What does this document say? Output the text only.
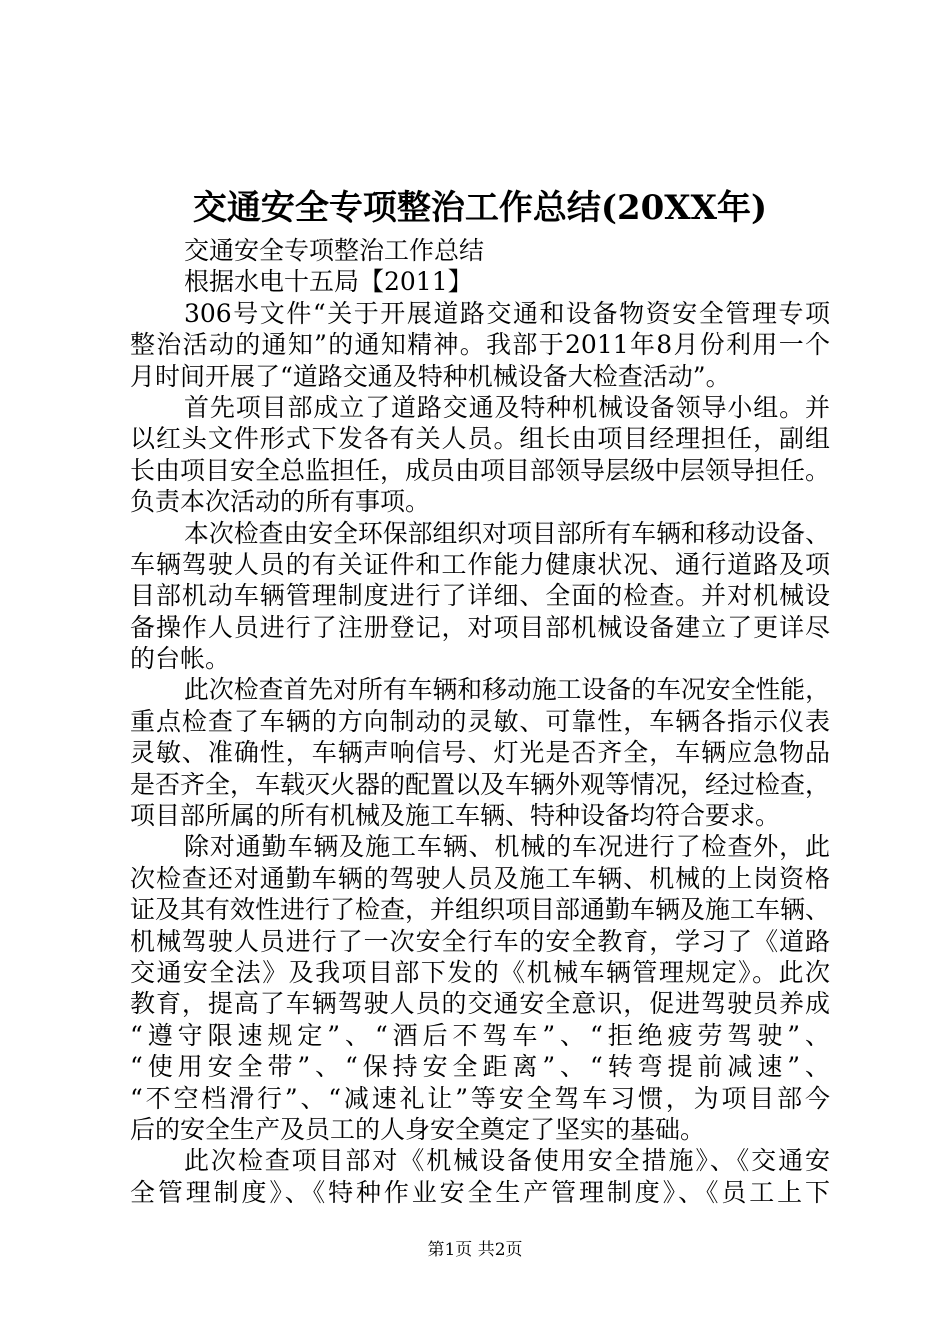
交通安全专项整治工作总结(20XX年)
交通安全专项整治工作总结
根据水电十五局【2011】
306号文件“关于开展道路交通和设备物资安全管理专项
整治活动的通知”的通知精神。我部于2011年8月份利用一个
月时间开展了“道路交通及特种机械设备大检查活动”。
首先项目部成立了道路交通及特种机械设备领导小组。并
以红头文件形式下发各有关人员。组长由项目经理担任，副组
长由项目安全总监担任，成员由项目部领导层级中层领导担任。
负责本次活动的所有事项。
本次检查由安全环保部组织对项目部所有车辆和移动设备、
车辆驾驶人员的有关证件和工作能力健康状况、通行道路及项
目部机动车辆管理制度进行了详细、全面的检查。并对机械设
备操作人员进行了注册登记，对项目部机械设备建立了更详尽
的台帐。
此次检查首先对所有车辆和移动施工设备的车况安全性能，
重点检查了车辆的方向制动的灵敏、可靠性，车辆各指示仪表
灵敏、准确性，车辆声响信号、灯光是否齐全，车辆应急物品
是否齐全，车载灭火器的配置以及车辆外观等情况，经过检查，
项目部所属的所有机械及施工车辆、特种设备均符合要求。
除对通勤车辆及施工车辆、机械的车况进行了检查外，此
次检查还对通勤车辆的驾驶人员及施工车辆、机械的上岗资格
证及其有效性进行了检查，并组织项目部通勤车辆及施工车辆、
机械驾驶人员进行了一次安全行车的安全教育，学习了《道路
交通安全法》及我项目部下发的《机械车辆管理规定》。此次
教育，提高了车辆驾驶人员的交通安全意识，促进驾驶员养成
“遵守限速规定”、“酒后不驾车”、“拒绝疲劳驾驶”、
“使用安全带”、“保持安全距离”、“转弯提前减速”、
“不空档滑行”、“减速礼让”等安全驾车习惯，为项目部今
后的安全生产及员工的人身安全奠定了坚实的基础。
此次检查项目部对《机械设备使用安全措施》、《交通安
全管理制度》、《特种作业安全生产管理制度》、《员工上下
第1页 共2页
